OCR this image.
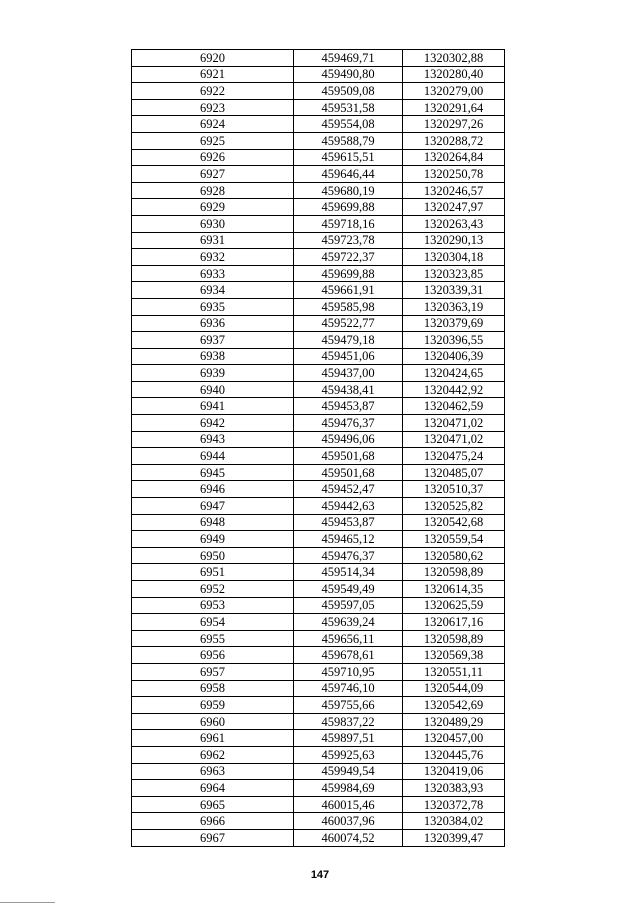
6920	459469,71	1320302,88
6921	459490,80	1320280,40
6922	459509,08	1320279,00
6923	459531,58	1320291,64
6924	459554,08	1320297,26
6925	459588,79	1320288,72
6926	459615,51	1320264,84
6927	459646,44	1320250,78
6928	459680,19	1320246,57
6929	459699,88	1320247,97
6930	459718,16	1320263,43
6931	459723,78	1320290,13
6932	459722,37	1320304,18
6933	459699,88	1320323,85
6934	459661,91	1320339,31
6935	459585,98	1320363,19
6936	459522,77	1320379,69
6937	459479,18	1320396,55
6938	459451,06	1320406,39
6939	459437,00	1320424,65
6940	459438,41	1320442,92
6941	459453,87	1320462,59
6942	459476,37	1320471,02
6943	459496,06	1320471,02
6944	459501,68	1320475,24
6945	459501,68	1320485,07
6946	459452,47	1320510,37
6947	459442,63	1320525,82
6948	459453,87	1320542,68
6949	459465,12	1320559,54
6950	459476,37	1320580,62
6951	459514,34	1320598,89
6952	459549,49	1320614,35
6953	459597,05	1320625,59
6954	459639,24	1320617,16
6955	459656,11	1320598,89
6956	459678,61	1320569,38
6957	459710,95	1320551,11
6958	459746,10	1320544,09
6959	459755,66	1320542,69
6960	459837,22	1320489,29
6961	459897,51	1320457,00
6962	459925,63	1320445,76
6963	459949,54	1320419,06
6964	459984,69	1320383,93
6965	460015,46	1320372,78
6966	460037,96	1320384,02
6967	460074,52	1320399,47
147
